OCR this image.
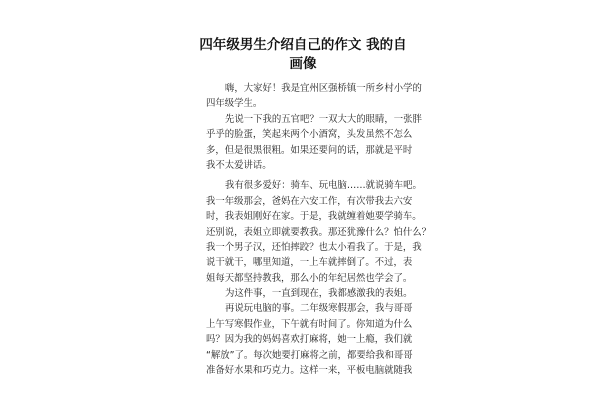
四年级男生介绍自己的作文 我的自
画像
嗨，大家好！我是宜州区强桥镇一所乡村小学的
四年级学生。
先说一下我的五官吧？一双大大的眼睛，一张胖
乎乎的脸蛋，笑起来两个小酒窝，头发虽然不怎么
多，但是很黑很粗。如果还要问的话，那就是平时
我不太爱讲话。
我有很多爱好：骑车、玩电脑……就说骑车吧。
我一年级那会，爸妈在六安工作，有次带我去六安
时，我表姐刚好在家。于是，我就缠着她要学骑车。
还别说，表姐立即就要教我。那还犹豫什么？怕什么？
我一个男子汉，还怕摔跤？也太小看我了。于是，我
说干就干，哪里知道，一上车就摔倒了。不过，表
姐每天都坚持教我，那么小的年纪居然也学会了。
为这件事，一直到现在，我都感激我的表姐。
再说玩电脑的事。二年级寒假那会，我与哥哥
上午写寒假作业，下午就有时间了。你知道为什么
吗？因为我的妈妈喜欢打麻将，她一上瘾，我们就
“解放”了。每次她要打麻将之前，都要给我和哥哥
准备好水果和巧克力。这样一来，平板电脑就随我
